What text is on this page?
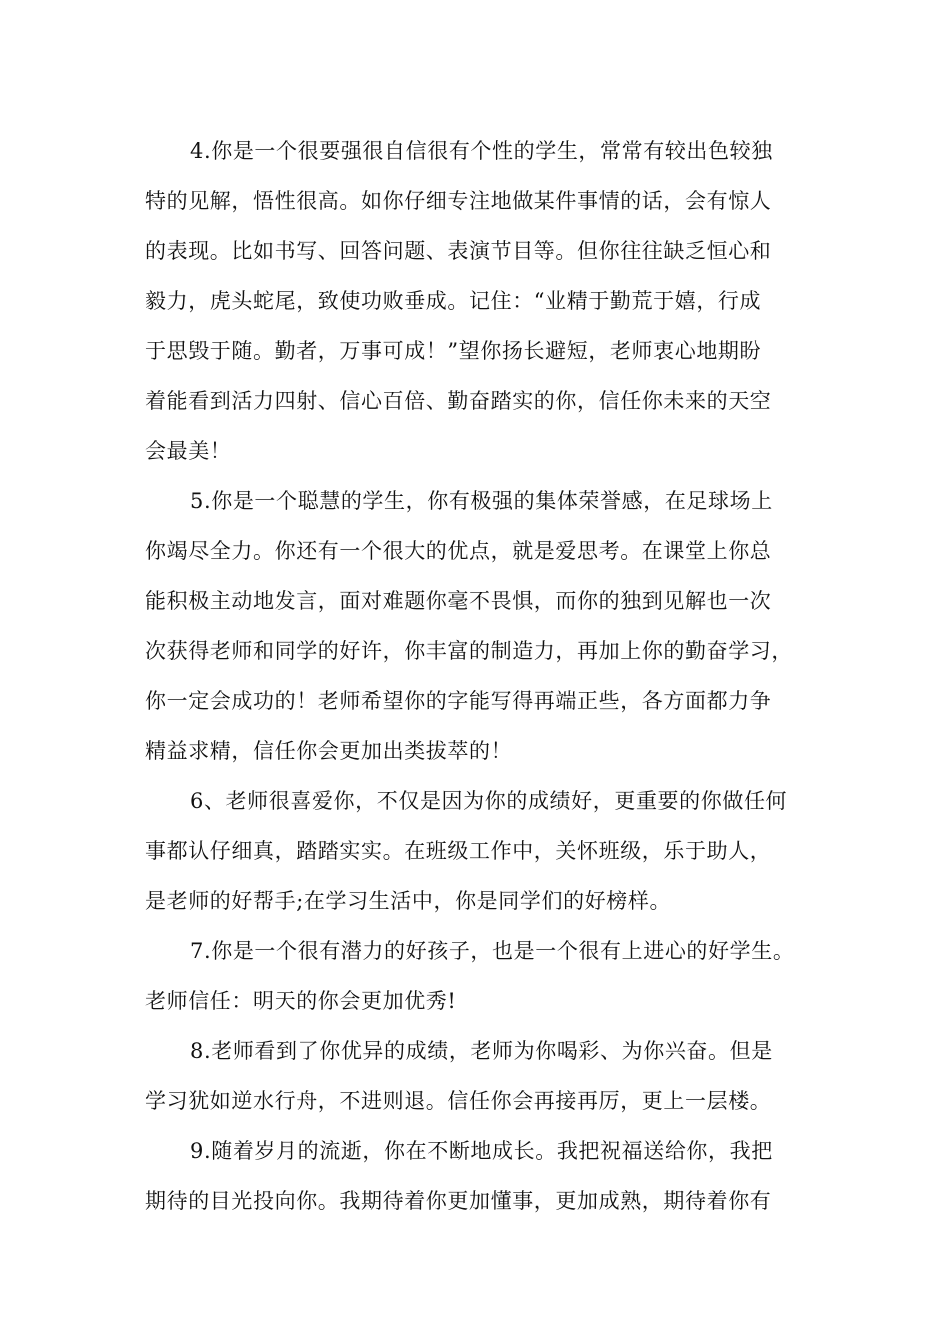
4.你是一个很要强很自信很有个性的学生，常常有较出色较独
特的见解，悟性很高。如你仔细专注地做某件事情的话，会有惊人
的表现。比如书写、回答问题、表演节目等。但你往往缺乏恒心和
毅力，虎头蛇尾，致使功败垂成。记住：“业精于勤荒于嬉，行成
于思毁于随。勤者，万事可成！”望你扬长避短，老师衷心地期盼
着能看到活力四射、信心百倍、勤奋踏实的你，信任你未来的天空
会最美！
5.你是一个聪慧的学生，你有极强的集体荣誉感，在足球场上
你竭尽全力。你还有一个很大的优点，就是爱思考。在课堂上你总
能积极主动地发言，面对难题你毫不畏惧，而你的独到见解也一次
次获得老师和同学的好许，你丰富的制造力，再加上你的勤奋学习，
你一定会成功的！老师希望你的字能写得再端正些，各方面都力争
精益求精，信任你会更加出类拔萃的！
6、老师很喜爱你，不仅是因为你的成绩好，更重要的你做任何
事都认仔细真，踏踏实实。在班级工作中，关怀班级，乐于助人，
是老师的好帮手;在学习生活中，你是同学们的好榜样。
7.你是一个很有潜力的好孩子，也是一个很有上进心的好学生。
老师信任：明天的你会更加优秀!
8.老师看到了你优异的成绩，老师为你喝彩、为你兴奋。但是
学习犹如逆水行舟，不进则退。信任你会再接再厉，更上一层楼。
9.随着岁月的流逝，你在不断地成长。我把祝福送给你，我把
期待的目光投向你。我期待着你更加懂事，更加成熟，期待着你有
